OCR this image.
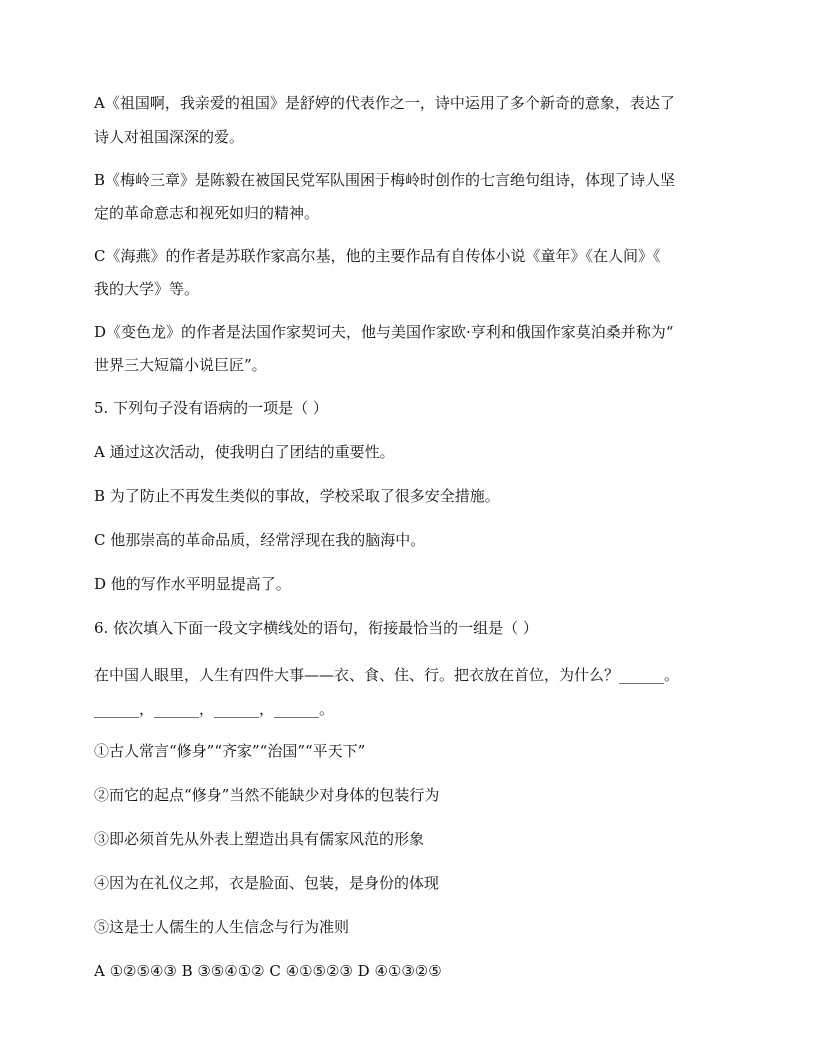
A《祖国啊，我亲爱的祖国》是舒婷的代表作之一，诗中运用了多个新奇的意象，表达了

诗人对祖国深深的爱。

B《梅岭三章》是陈毅在被国民党军队围困于梅岭时创作的七言绝句组诗，体现了诗人坚

定的革命意志和视死如归的精神。

C《海燕》的作者是苏联作家高尔基，他的主要作品有自传体小说《童年》《在人间》《

我的大学》等。

D《变色龙》的作者是法国作家契诃夫，他与美国作家欧·亨利和俄国作家莫泊桑并称为“

世界三大短篇小说巨匠”。

5. 下列句子没有语病的一项是（ ）

A 通过这次活动，使我明白了团结的重要性。

B 为了防止不再发生类似的事故，学校采取了很多安全措施。

C 他那崇高的革命品质，经常浮现在我的脑海中。

D 他的写作水平明显提高了。

6. 依次填入下面一段文字横线处的语句，衔接最恰当的一组是（ ）

在中国人眼里，人生有四件大事——衣、食、住、行。把衣放在首位，为什么？______。

______，______，______，______。

①古人常言“修身”“齐家”“治国”“平天下”

②而它的起点“修身”当然不能缺少对身体的包装行为

③即必须首先从外表上塑造出具有儒家风范的形象

④因为在礼仪之邦，衣是脸面、包装，是身份的体现

⑤这是士人儒生的人生信念与行为准则

A ①②⑤④③ B ③⑤④①② C ④①⑤②③ D ④①③②⑤
